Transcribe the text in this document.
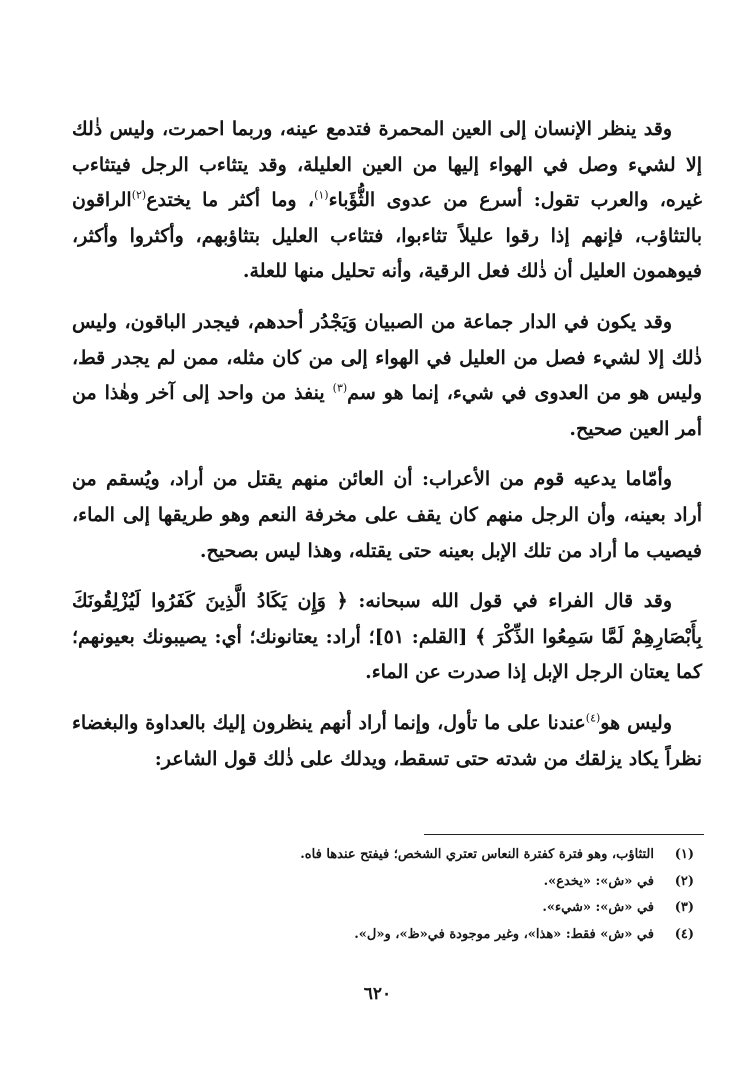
وقد ينظر الإنسان إلى العين المحمرة فتدمع عينه، وربما احمرت، وليس ذٰلك إلا لشيء وصل في الهواء إليها من العين العليلة، وقد يتثاءب الرجل فيتثاءب غيره، والعرب تقول: أسرع من عدوى الثُّؤَباء$^{(١)}$، وما أكثر ما يختدع$^{(٢)}$الراقون بالتثاؤب، فإنهم إذا رقوا عليلاً تثاءبوا، فتثاءب العليل بتثاؤبهم، وأكثروا وأكثر، فيوهمون العليل أن ذٰلك فعل الرقية، وأنه تحليل منها للعلة.

وقد يكون في الدار جماعة من الصبيان وَيَجْدُر أحدهم، فيجدر الباقون، وليس ذٰلك إلا لشيء فصل من العليل في الهواء إلى من كان مثله، ممن لم يجدر قط، وليس هو من العدوى في شيء، إنما هو سم$^{(٣)}$ ينفذ من واحد إلى آخر وهٰذا من أمر العين صحيح.

وأمّاما يدعيه قوم من الأعراب: أن العائن منهم يقتل من أراد، ويُسقم من أراد بعينه، وأن الرجل منهم كان يقف على مخرفة النعم وهو طريقها إلى الماء، فيصيب ما أراد من تلك الإبل بعينه حتى يقتله، وهذا ليس بصحيح.

وقد قال الفراء في قول الله سبحانه: ﴿ وَإِن يَكَادُ الَّذِينَ كَفَرُوا لَيُزْلِقُونَكَ بِأَبْصَارِهِمْ لَمَّا سَمِعُوا الذِّكْرَ ﴾ [القلم: ٥١]؛ أراد: يعتانونك؛ أي: يصيبونك بعيونهم؛ كما يعتان الرجل الإبل إذا صدرت عن الماء.

وليس هو$^{(٤)}$عندنا على ما تأول، وإنما أراد أنهم ينظرون إليك بالعداوة والبغضاء نظراً يكاد يزلقك من شدته حتى تسقط، ويدلك على ذٰلك قول الشاعر:

(١)
التثاؤب، وهو فترة كفترة النعاس تعتري الشخص؛ فيفتح عندها فاه.
(٢)
في «ش»: «يخدع».
(٣)
في «ش»: «شيء».
(٤)
في «ش» فقط: «هذا»، وغير موجودة في«ظ»، و«ل».
٦٢٠
